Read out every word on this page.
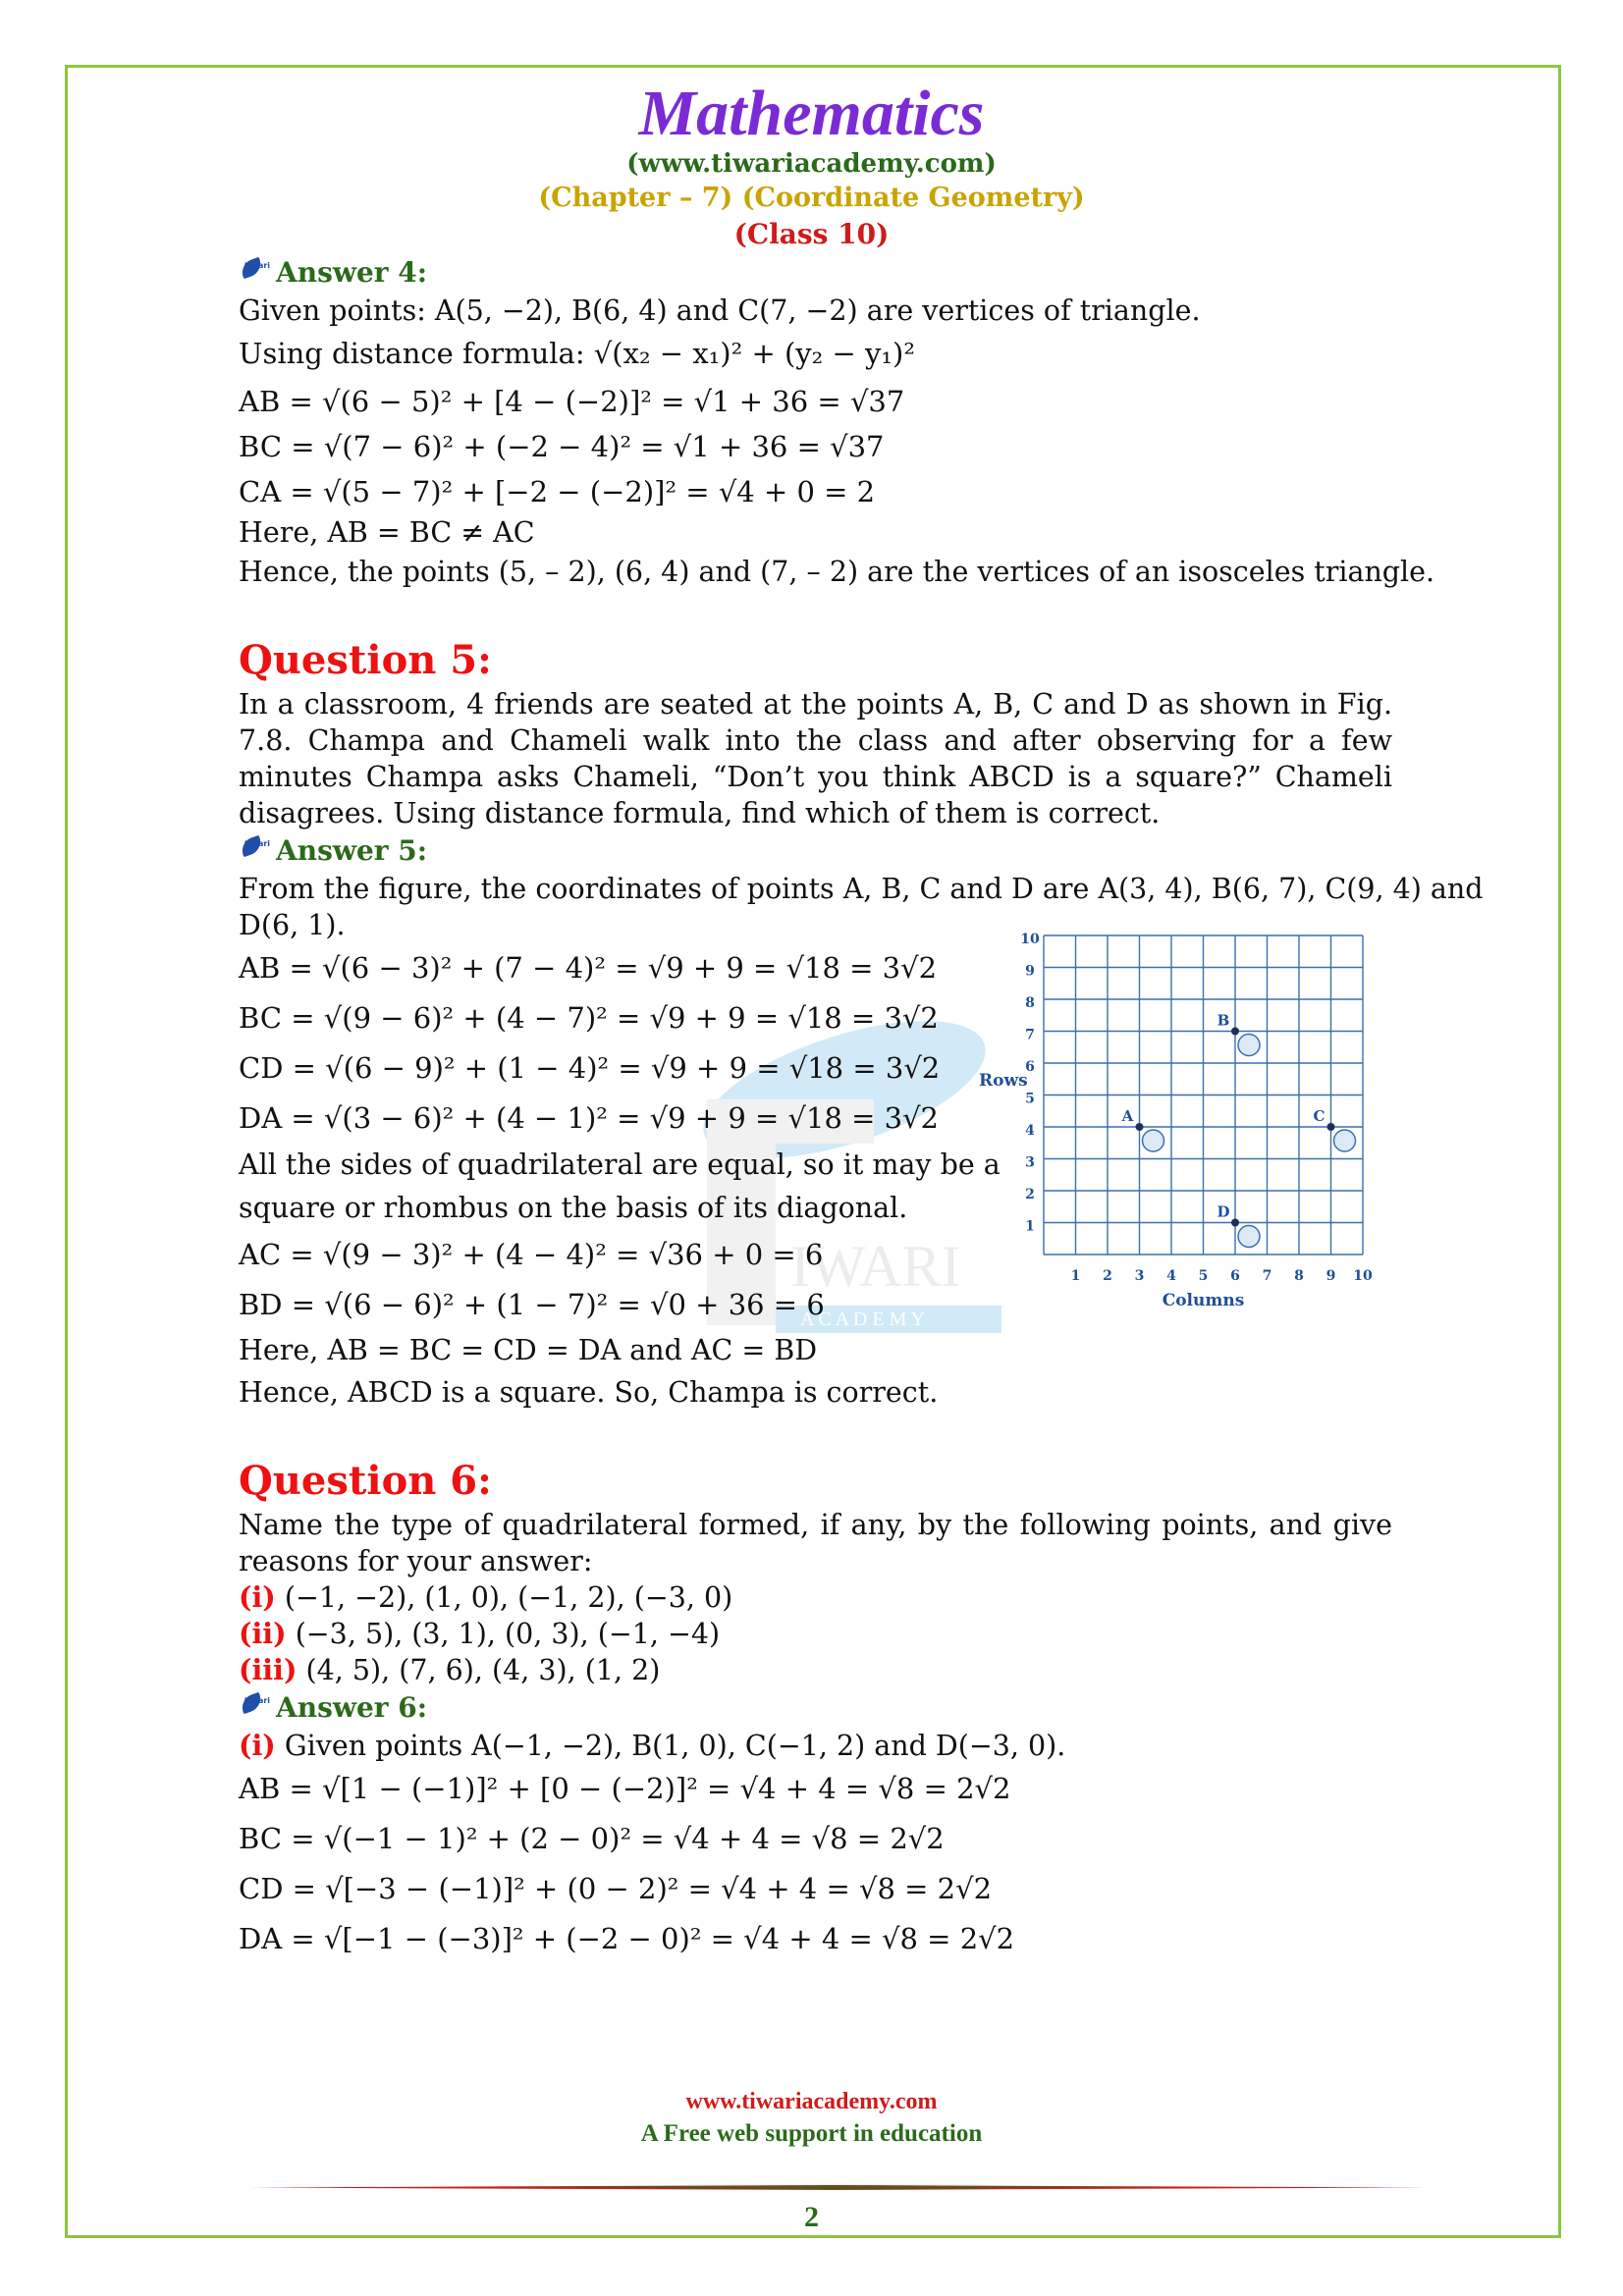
Mathematics
(www.tiwariacademy.com)
(Chapter – 7) (Coordinate Geometry)
(Class 10)
IWARI
A C A D E M Y
tiwari Answer 4:
Given points: A(5, −2), B(6, 4) and C(7, −2) are vertices of triangle.
Using distance formula: √(x₂ − x₁)² + (y₂ − y₁)²
AB = √(6 − 5)² + [4 − (−2)]² = √1 + 36 = √37
BC = √(7 − 6)² + (−2 − 4)² = √1 + 36 = √37
CA = √(5 − 7)² + [−2 − (−2)]² = √4 + 0 = 2
Here, AB = BC ≠ AC
Hence, the points (5, – 2), (6, 4) and (7, – 2) are the vertices of an isosceles triangle.
Question 5:
In a classroom, 4 friends are seated at the points A, B, C and D as shown in Fig. 7.8. Champa and Chameli walk into the class and after observing for a few minutes Champa asks Chameli, “Don’t you think ABCD is a square?” Chameli disagrees. Using distance formula, find which of them is correct.
tiwari Answer 5:
From the figure, the coordinates of points A, B, C and D are A(3, 4), B(6, 7), C(9, 4) and
D(6, 1).
AB = √(6 − 3)² + (7 − 4)² = √9 + 9 = √18 = 3√2
BC = √(9 − 6)² + (4 − 7)² = √9 + 9 = √18 = 3√2
CD = √(6 − 9)² + (1 − 4)² = √9 + 9 = √18 = 3√2
DA = √(3 − 6)² + (4 − 1)² = √9 + 9 = √18 = 3√2
All the sides of quadrilateral are equal, so it may be a
square or rhombus on the basis of its diagonal.
AC = √(9 − 3)² + (4 − 4)² = √36 + 0 = 6
BD = √(6 − 6)² + (1 − 7)² = √0 + 36 = 6
Here, AB = BC = CD = DA and AC = BD
Hence, ABCD is a square. So, Champa is correct.
Question 6:
Name the type of quadrilateral formed, if any, by the following points, and give reasons for your answer:
(i) (−1, −2), (1, 0), (−1, 2), (−3, 0)
(ii) (−3, 5), (3, 1), (0, 3), (−1, −4)
(iii) (4, 5), (7, 6), (4, 3), (1, 2)
tiwari Answer 6:
(i) Given points A(−1, −2), B(1, 0), C(−1, 2) and D(−3, 0).
AB = √[1 − (−1)]² + [0 − (−2)]² = √4 + 4 = √8 = 2√2
BC = √(−1 − 1)² + (2 − 0)² = √4 + 4 = √8 = 2√2
CD = √[−3 − (−1)]² + (0 − 2)² = √4 + 4 = √8 = 2√2
DA = √[−1 − (−3)]² + (−2 − 0)² = √4 + 4 = √8 = 2√2
1
1
2
2
3
3
4
4
5
5
6
6
7
7
8
8
9
9
10
10
Columns
Rows
A
B
C
D
www.tiwariacademy.com
A Free web support in education
2
